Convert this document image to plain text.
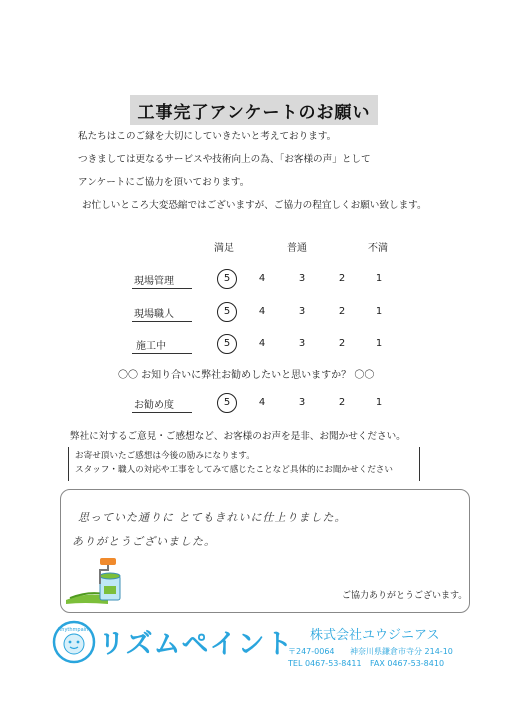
工事完了アンケートのお願い

私たちはこのご縁を大切にしていきたいと考えております。

つきましては更なるサービスや技術向上の為、「お客様の声」として

アンケートにご協力を頂いております。

お忙しいところ大変恐縮ではございますが、ご協力の程宜しくお願い致します。

満足	普通	不満
現場管理	5	4	3	2	1
現場職人	5	4	3	2	1
施工中	5	4	3	2	1
〇〇 お知り合いに弊社お勧めしたいと思いますか？ 〇〇
お勧め度	5	4	3	2	1
弊社に対するご意見・ご感想など、お客様のお声を是非、お聞かせください。

お寄せ頂いたご感想は今後の励みになります。

スタッフ・職人の対応や工事をしてみて感じたことなど具体的にお聞かせください

思っていた通りに とてもきれいに仕上りました。
ありがとうございました。
ご協力ありがとうございます。
Rhythmpaint リズムペイント 株式会社ユウジニアス
〒247-0064 神奈川県鎌倉市寺分 214-10
TEL 0467-53-8411 FAX 0467-53-8410
